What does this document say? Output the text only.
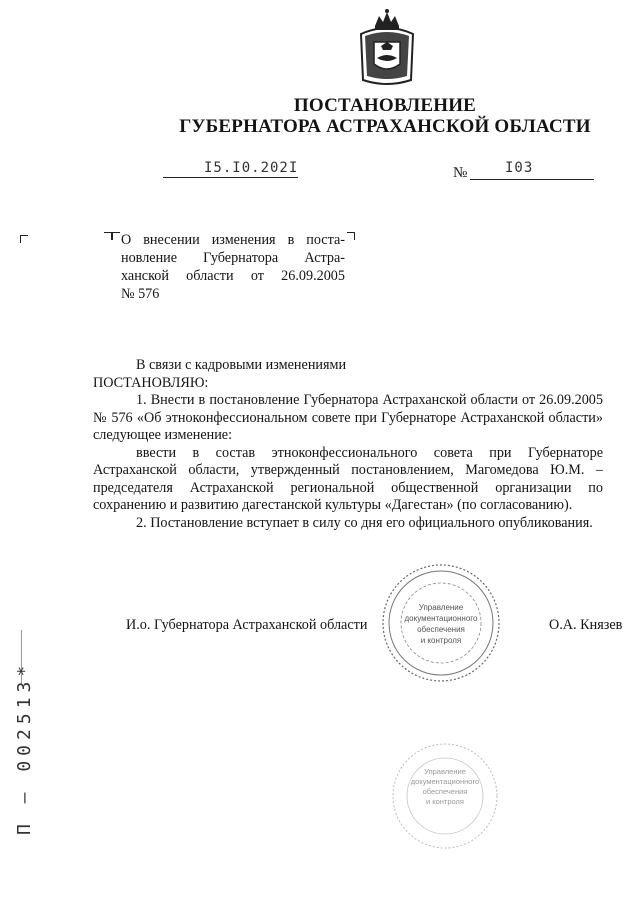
ПОСТАНОВЛЕНИЕ
ГУБЕРНАТОРА АСТРАХАНСКОЙ ОБЛАСТИ
I5.I0.202I	№	I03
О внесении изменения в поста-
новление Губернатора Астра-
ханской области от 26.09.2005
№ 576

В связи с кадровыми изменениями

ПОСТАНОВЛЯЮ:

1. Внести в постановление Губернатора Астраханской области от 26.09.2005 № 576 «Об этноконфессиональном совете при Губернаторе Астраханской области» следующее изменение:

ввести в состав этноконфессионального совета при Губернаторе Астраханской области, утвержденный постановлением, Магомедова Ю.М. – председателя Астраханской региональной общественной организации по сохранению и развитию дагестанской культуры «Дагестан» (по согласованию).

2. Постановление вступает в силу со дня его официального опубликования.

Управление
документационного
обеспечения
и контроля
И.о. Губернатора Астраханской области	О.А. Князев
Управление
документационного
обеспечения
и контроля
П – 002513*
